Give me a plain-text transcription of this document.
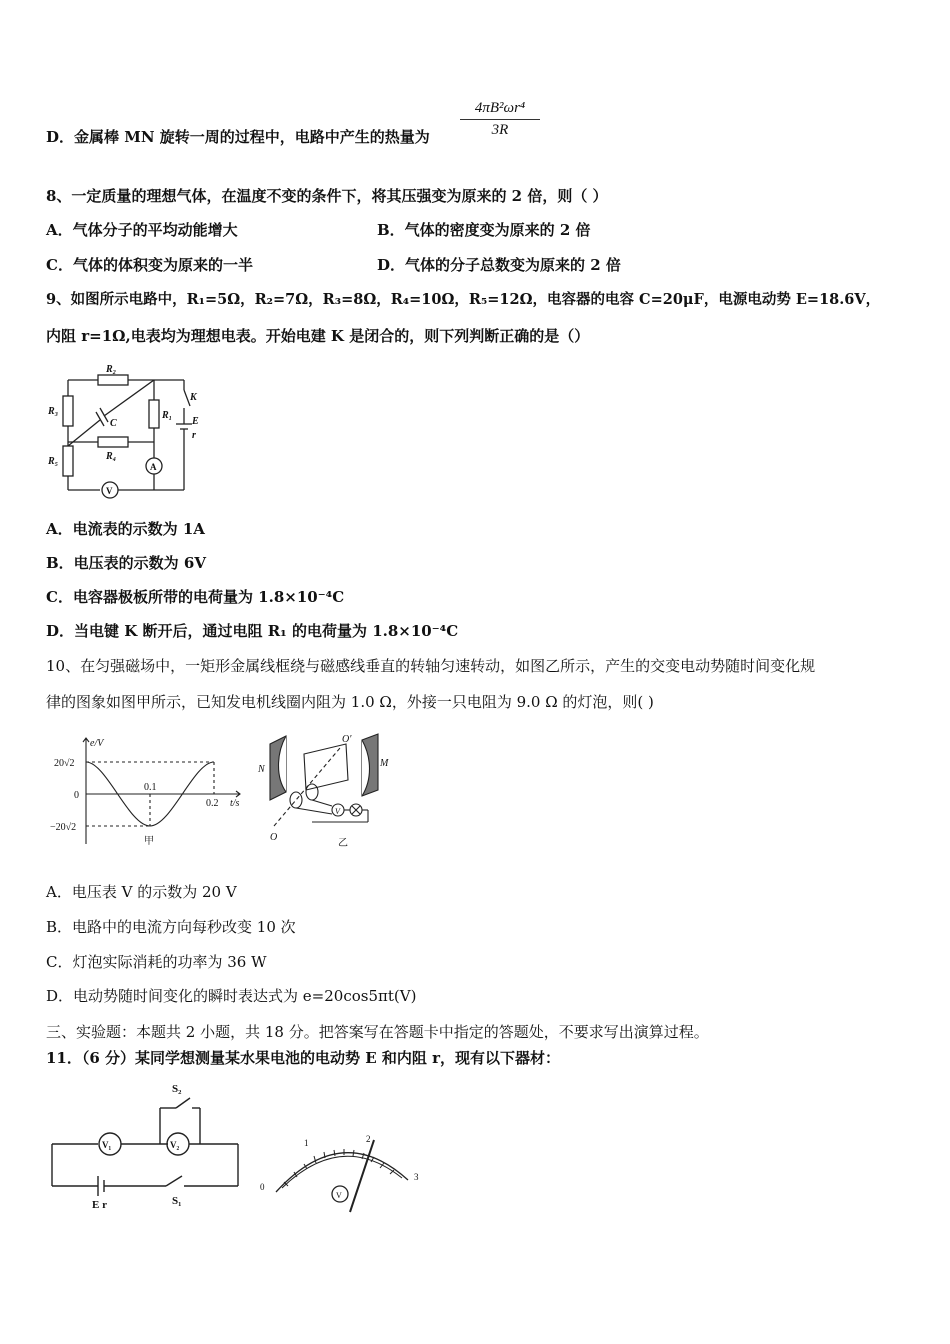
D．金属棒 MN 旋转一周的过程中，电路中产生的热量为 $\frac{\text{4πB²ωr⁴}}{3R}$
8、一定质量的理想气体，在温度不变的条件下，将其压强变为原来的 2 倍，则（ ）
A．气体分子的平均动能增大	B．气体的密度变为原来的 2 倍
C．气体的体积变为原来的一半	D．气体的分子总数变为原来的 2 倍
9、如图所示电路中，R₁=5Ω，R₂=7Ω，R₃=8Ω，R₄=10Ω，R₅=12Ω，电容器的电容 C=20μF，电源电动势 E=18.6V，
内阻 r=1Ω,电表均为理想电表。开始电建 K 是闭合的，则下列判断正确的是（）
R₂
R₃
R₅
R₁
R₄
C
K
E
r
A
V
A．电流表的示数为 1A
B．电压表的示数为 6V
C．电容器极板所带的电荷量为 1.8×10⁻⁴C
D．当电键 K 断开后，通过电阻 R₁ 的电荷量为 1.8×10⁻⁴C
10、在匀强磁场中，一矩形金属线框绕与磁感线垂直的转轴匀速转动，如图乙所示，产生的交变电动势随时间变化规
律的图象如图甲所示，已知发电机线圈内阻为 1.0 Ω，外接一只电阻为 9.0 Ω 的灯泡，则( )
e/V
t/s
20√2
−20√2
0
0.1
0.2
甲
N
M
O
O′
V
乙
A．电压表 V 的示数为 20 V
B．电路中的电流方向每秒改变 10 次
C．灯泡实际消耗的功率为 36 W
D．电动势随时间变化的瞬时表达式为 e=20cos5πt(V)
三、实验题：本题共 2 小题，共 18 分。把答案写在答题卡中指定的答题处，不要求写出演算过程。
11．（6 分）某同学想测量某水果电池的电动势 E 和内阻 r，现有以下器材：
S₂
S₁
E r
V₁	V₂
0
1	2
3
V
